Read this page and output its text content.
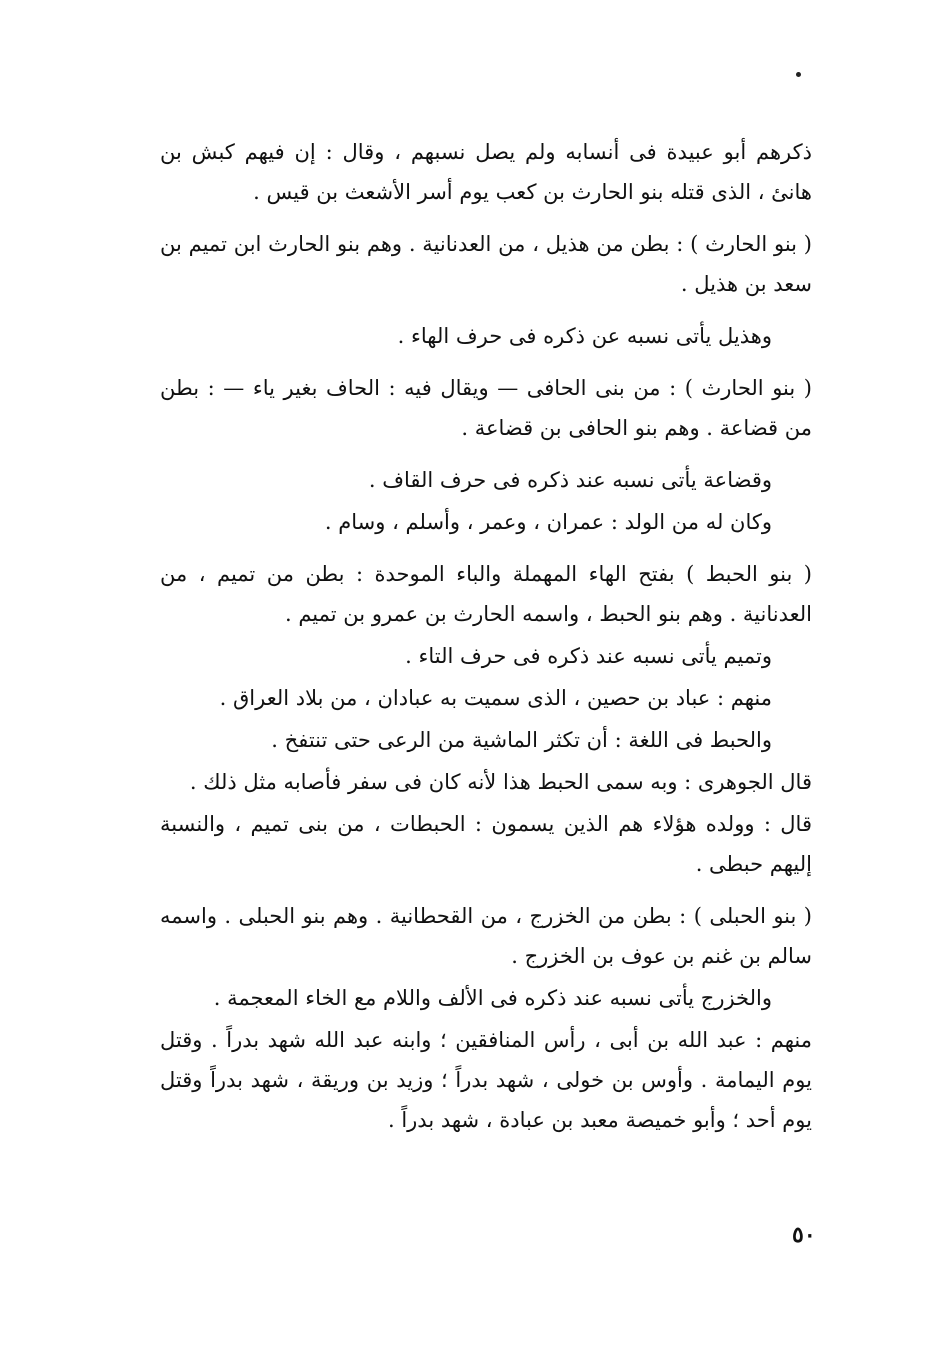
ذكرهم أبو عبيدة فى أنسابه ولم يصل نسبهم ، وقال : إن فيهم كبش بن هانئ ، الذى قتله بنو الحارث بن كعب يوم أسر الأشعث بن قيس .

( بنو الحارث ) : بطن من هذيل ، من العدنانية . وهم بنو الحارث ابن تميم بن سعد بن هذيل .

وهذيل يأتى نسبه عن ذكره فى حرف الهاء .

( بنو الحارث ) : من بنى الحافى — ويقال فيه : الحاف بغير ياء — : بطن من قضاعة . وهم بنو الحافى بن قضاعة .

وقضاعة يأتى نسبه عند ذكره فى حرف القاف .

وكان له من الولد : عمران ، وعمر ، وأسلم ، وسام .

( بنو الحبط ) بفتح الهاء المهملة والباء الموحدة : بطن من تميم ، من العدنانية . وهم بنو الحبط ، واسمه الحارث بن عمرو بن تميم .

وتميم يأتى نسبه عند ذكره فى حرف التاء .

منهم : عباد بن حصين ، الذى سميت به عبادان ، من بلاد العراق .

والحبط فى اللغة : أن تكثر الماشية من الرعى حتى تنتفخ .

قال الجوهرى : وبه سمى الحبط هذا لأنه كان فى سفر فأصابه مثل ذلك .

قال : وولده هؤلاء هم الذين يسمون : الحبطات ، من بنى تميم ، والنسبة إليهم حبطى .

( بنو الحبلى ) : بطن من الخزرج ، من القحطانية . وهم بنو الحبلى . واسمه سالم بن غنم بن عوف بن الخزرج .

والخزرج يأتى نسبه عند ذكره فى الألف واللام مع الخاء المعجمة .

منهم : عبد الله بن أبى ، رأس المنافقين ؛ وابنه عبد الله شهد بدراً . وقتل يوم اليمامة . وأوس بن خولى ، شهد بدراً ؛ وزيد بن وريقة ، شهد بدراً وقتل يوم أحد ؛ وأبو خميصة معبد بن عبادة ، شهد بدراً .

٥٠
